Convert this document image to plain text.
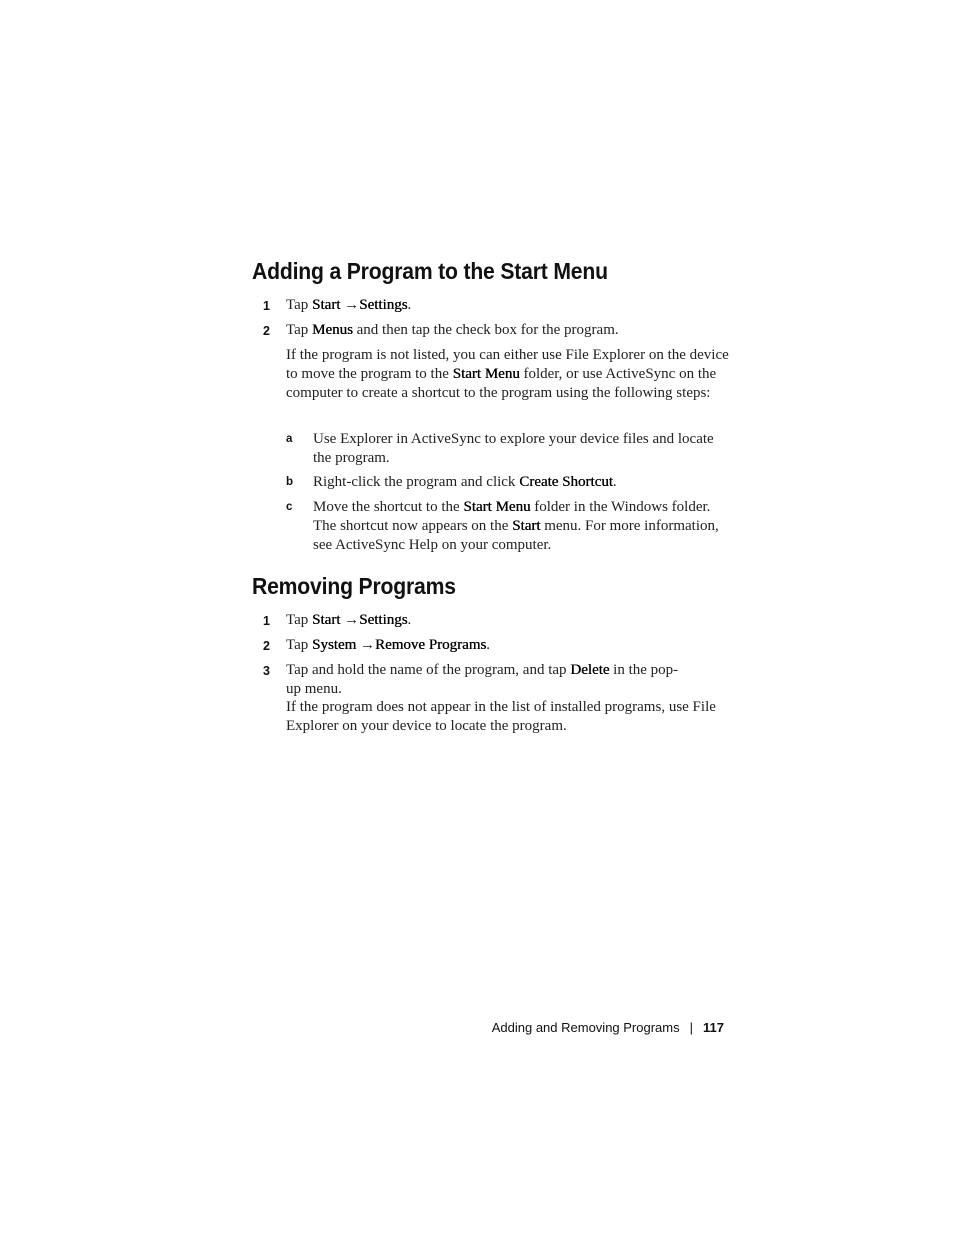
Adding a Program to the Start Menu
1 Tap Start →Settings.
2 Tap Menus and then tap the check box for the program.
If the program is not listed, you can either use File Explorer on the device to move the program to the Start Menu folder, or use ActiveSync on the computer to create a shortcut to the program using the following steps:
a Use Explorer in ActiveSync to explore your device files and locate the program.
b Right-click the program and click Create Shortcut.
c Move the shortcut to the Start Menu folder in the Windows folder. The shortcut now appears on the Start menu. For more information, see ActiveSync Help on your computer.
Removing Programs
1 Tap Start →Settings.
2 Tap System →Remove Programs.
3 Tap and hold the name of the program, and tap Delete in the pop-up menu.
If the program does not appear in the list of installed programs, use File Explorer on your device to locate the program.
Adding and Removing Programs | 117
